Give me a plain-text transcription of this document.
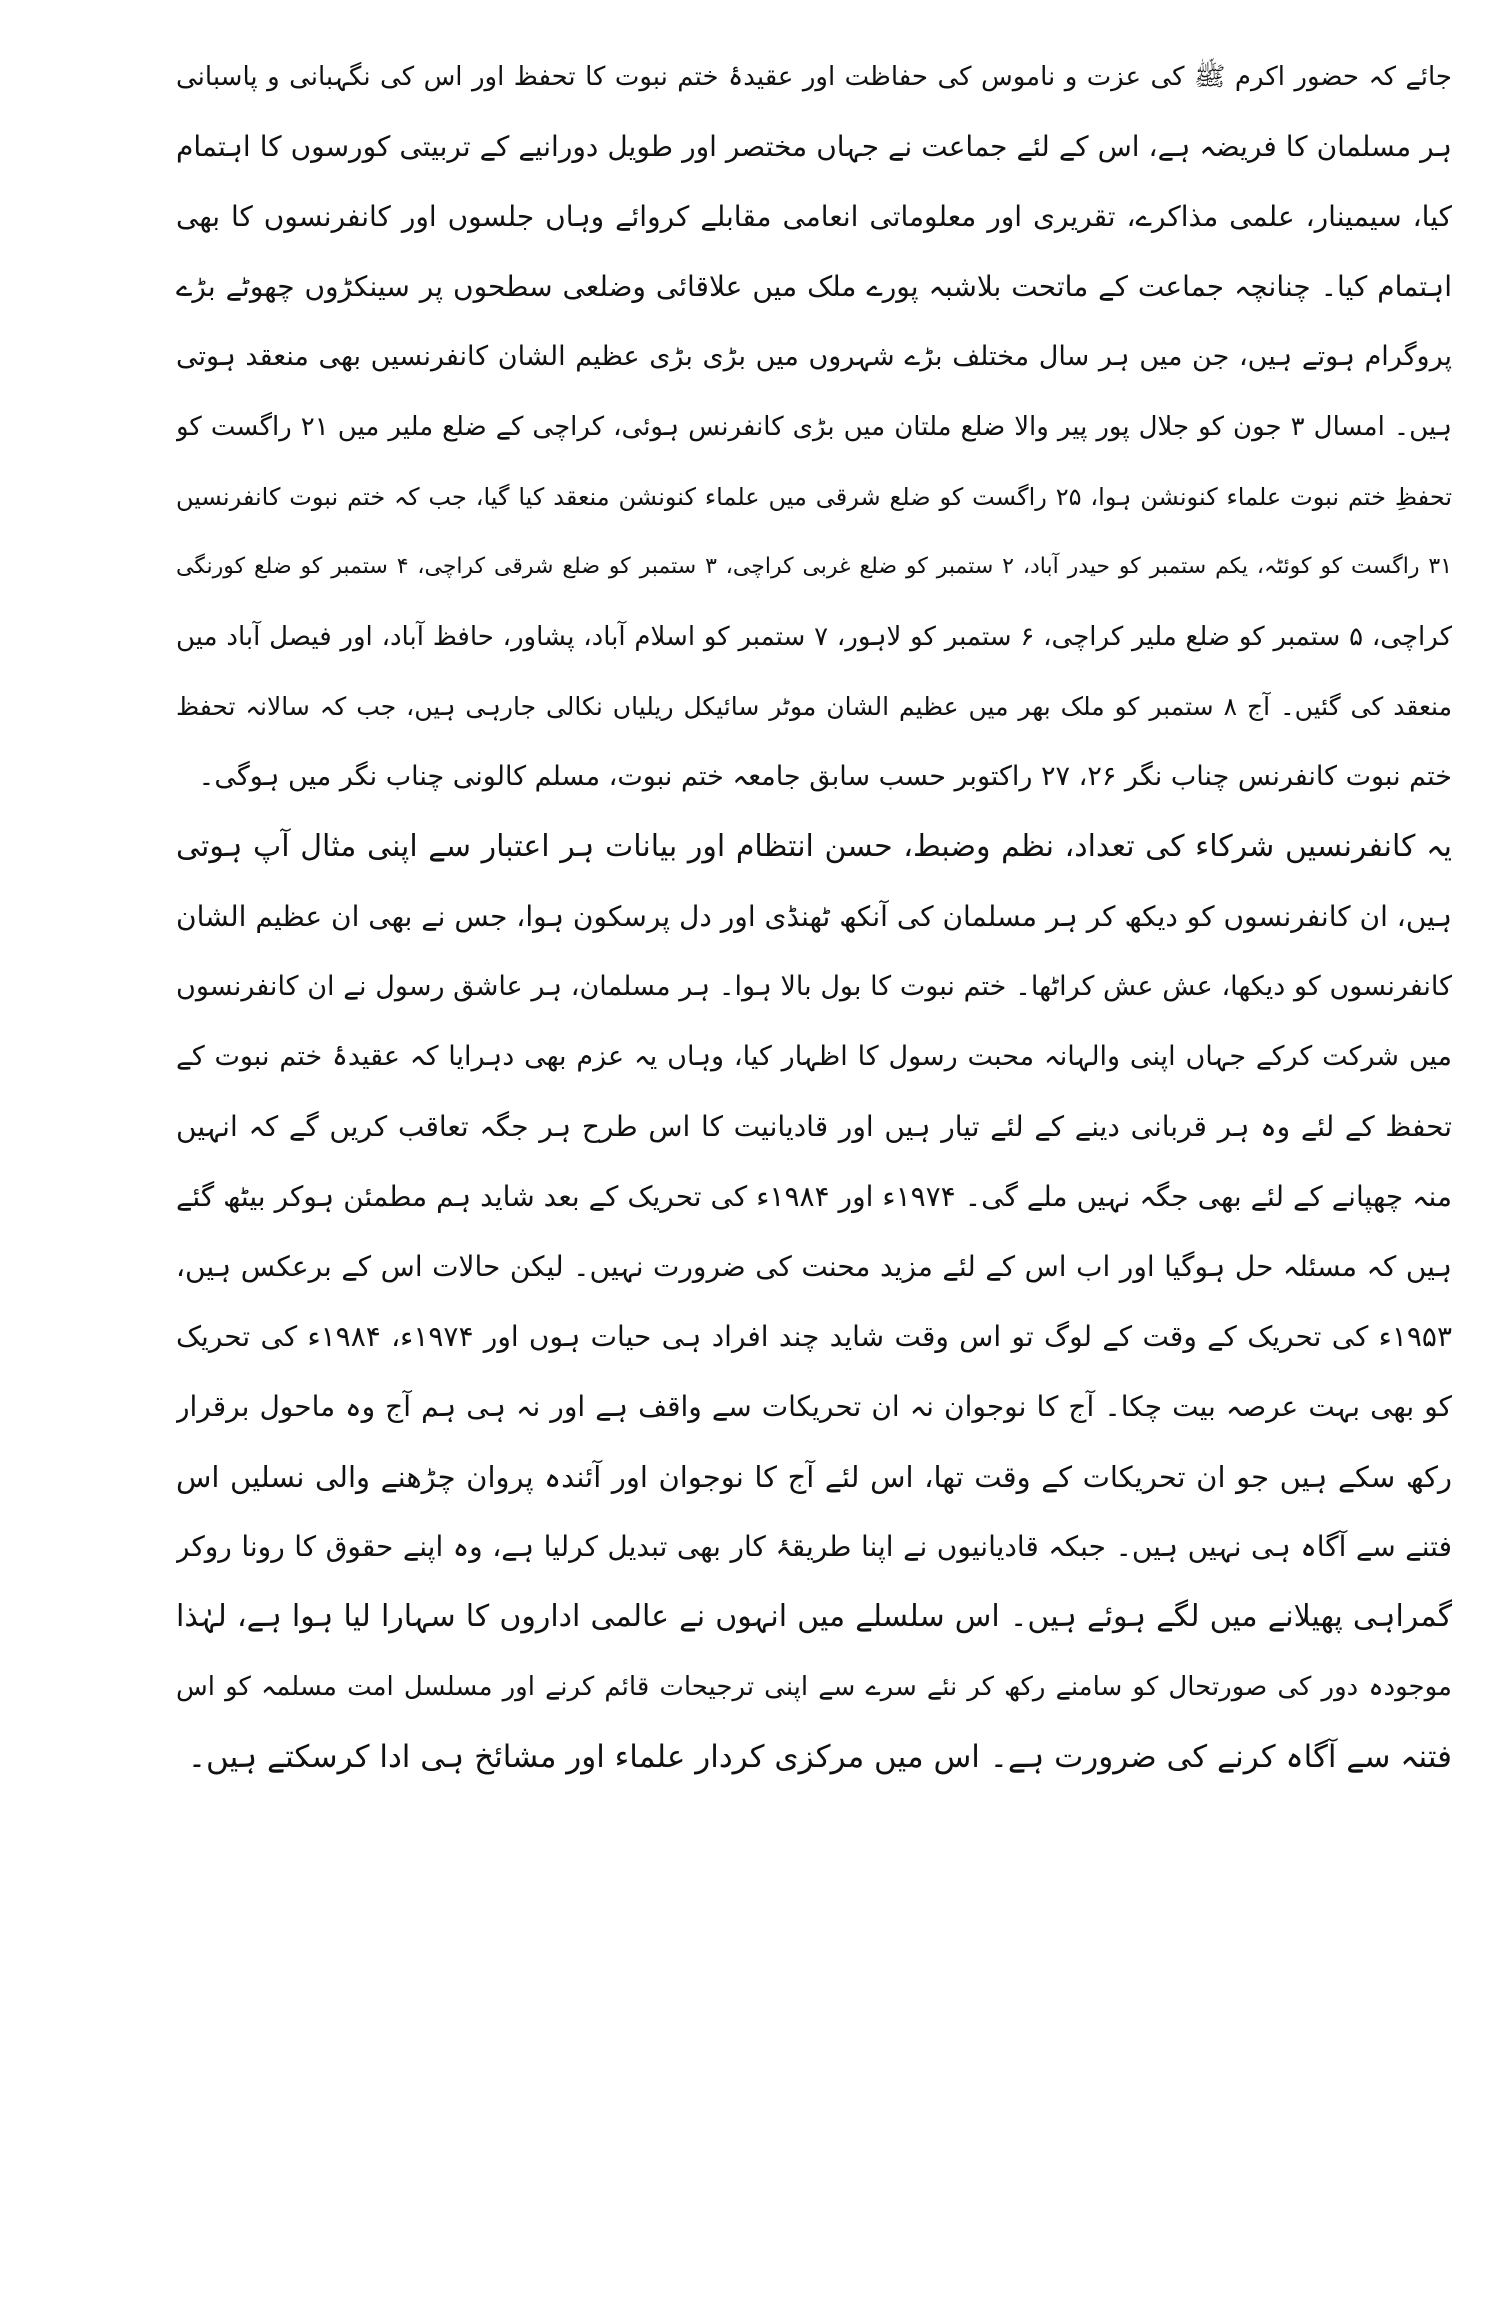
جائے کہ حضور اکرم ﷺ کی عزت و ناموس کی حفاظت اور عقیدۂ ختم نبوت کا تحفظ اور اس کی نگہبانی و پاسبانی
ہر مسلمان کا فریضہ ہے، اس کے لئے جماعت نے جہاں مختصر اور طویل دورانیے کے تربیتی کورسوں کا اہتمام
کیا، سیمینار، علمی مذاکرے، تقریری اور معلوماتی انعامی مقابلے کروائے وہاں جلسوں اور کانفرنسوں کا بھی
اہتمام کیا۔ چنانچہ جماعت کے ماتحت بلاشبہ پورے ملک میں علاقائی وضلعی سطحوں پر سینکڑوں چھوٹے بڑے
پروگرام ہوتے ہیں، جن میں ہر سال مختلف بڑے شہروں میں بڑی بڑی عظیم الشان کانفرنسیں بھی منعقد ہوتی
ہیں۔ امسال ۳ جون کو جلال پور پیر والا ضلع ملتان میں بڑی کانفرنس ہوئی، کراچی کے ضلع ملیر میں ۲۱ راگست کو
تحفظِ ختم نبوت علماء کنونشن ہوا، ۲۵ راگست کو ضلع شرقی میں علماء کنونشن منعقد کیا گیا، جب کہ ختم نبوت کانفرنسیں
۳۱ راگست کو کوئٹہ، یکم ستمبر کو حیدر آباد، ۲ ستمبر کو ضلع غربی کراچی، ۳ ستمبر کو ضلع شرقی کراچی، ۴ ستمبر کو ضلع کورنگی
کراچی، ۵ ستمبر کو ضلع ملیر کراچی، ۶ ستمبر کو لاہور، ۷ ستمبر کو اسلام آباد، پشاور، حافظ آباد، اور فیصل آباد میں
منعقد کی گئیں۔ آج ۸ ستمبر کو ملک بھر میں عظیم الشان موٹر سائیکل ریلیاں نکالی جارہی ہیں، جب کہ سالانہ تحفظ
ختم نبوت کانفرنس چناب نگر ۲۶، ۲۷ راکتوبر حسب سابق جامعہ ختم نبوت، مسلم کالونی چناب نگر میں ہوگی۔
یہ کانفرنسیں شرکاء کی تعداد، نظم وضبط، حسن انتظام اور بیانات ہر اعتبار سے اپنی مثال آپ ہوتی
ہیں، ان کانفرنسوں کو دیکھ کر ہر مسلمان کی آنکھ ٹھنڈی اور دل پرسکون ہوا، جس نے بھی ان عظیم الشان
کانفرنسوں کو دیکھا، عش عش کراٹھا۔ ختم نبوت کا بول بالا ہوا۔ ہر مسلمان، ہر عاشق رسول نے ان کانفرنسوں
میں شرکت کرکے جہاں اپنی والہانہ محبت رسول کا اظہار کیا، وہاں یہ عزم بھی دہرایا کہ عقیدۂ ختم نبوت کے
تحفظ کے لئے وہ ہر قربانی دینے کے لئے تیار ہیں اور قادیانیت کا اس طرح ہر جگہ تعاقب کریں گے کہ انہیں
منہ چھپانے کے لئے بھی جگہ نہیں ملے گی۔ ۱۹۷۴ء اور ۱۹۸۴ء کی تحریک کے بعد شاید ہم مطمئن ہوکر بیٹھ گئے
ہیں کہ مسئلہ حل ہوگیا اور اب اس کے لئے مزید محنت کی ضرورت نہیں۔ لیکن حالات اس کے برعکس ہیں،
۱۹۵۳ء کی تحریک کے وقت کے لوگ تو اس وقت شاید چند افراد ہی حیات ہوں اور ۱۹۷۴ء، ۱۹۸۴ء کی تحریک
کو بھی بہت عرصہ بیت چکا۔ آج کا نوجوان نہ ان تحریکات سے واقف ہے اور نہ ہی ہم آج وہ ماحول برقرار
رکھ سکے ہیں جو ان تحریکات کے وقت تھا، اس لئے آج کا نوجوان اور آئندہ پروان چڑھنے والی نسلیں اس
فتنے سے آگاہ ہی نہیں ہیں۔ جبکہ قادیانیوں نے اپنا طریقۂ کار بھی تبدیل کرلیا ہے، وہ اپنے حقوق کا رونا روکر
گمراہی پھیلانے میں لگے ہوئے ہیں۔ اس سلسلے میں انہوں نے عالمی اداروں کا سہارا لیا ہوا ہے، لہٰذا
موجودہ دور کی صورتحال کو سامنے رکھ کر نئے سرے سے اپنی ترجیحات قائم کرنے اور مسلسل امت مسلمہ کو اس
فتنہ سے آگاہ کرنے کی ضرورت ہے۔ اس میں مرکزی کردار علماء اور مشائخ ہی ادا کرسکتے ہیں۔
